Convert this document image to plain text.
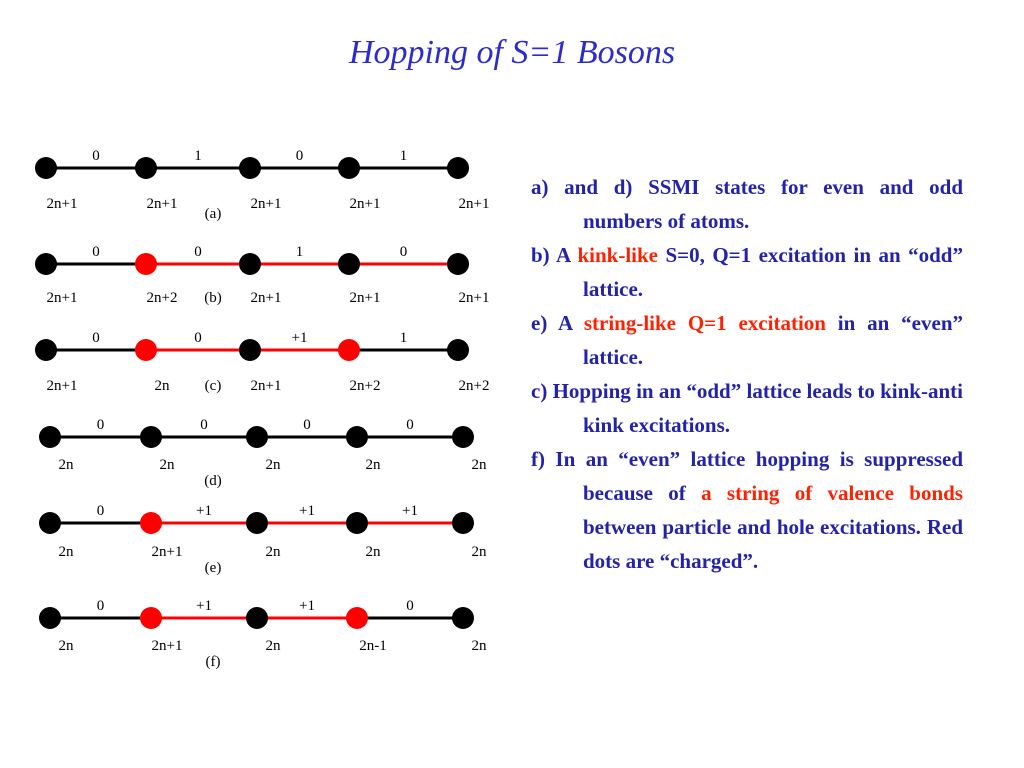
Hopping of S=1 Bosons
0	1	0	1
2n+1	2n+1	2n+1	2n+1	2n+1
(a)
0	0	1	0
2n+1	2n+2	2n+1	2n+1	2n+1
(b)
0	0	+1	1
2n+1	2n	2n+1	2n+2	2n+2
(c)
0	0	0	0
2n	2n	2n	2n	2n
(d)
0	+1	+1	+1
2n	2n+1	2n	2n	2n
(e)
0	+1	+1	0
2n	2n+1	2n	2n-1	2n
(f)

a) and d) SSMI states for even and odd numbers of atoms.

b) A kink-like S=0, Q=1 excitation in an “odd” lattice.

e) A string-like Q=1 excitation in an “even” lattice.

c) Hopping in an “odd” lattice leads to kink-anti kink excitations.

f) In an “even” lattice hopping is suppressed because of a string of valence bonds between particle and hole excitations. Red dots are “charged”.
